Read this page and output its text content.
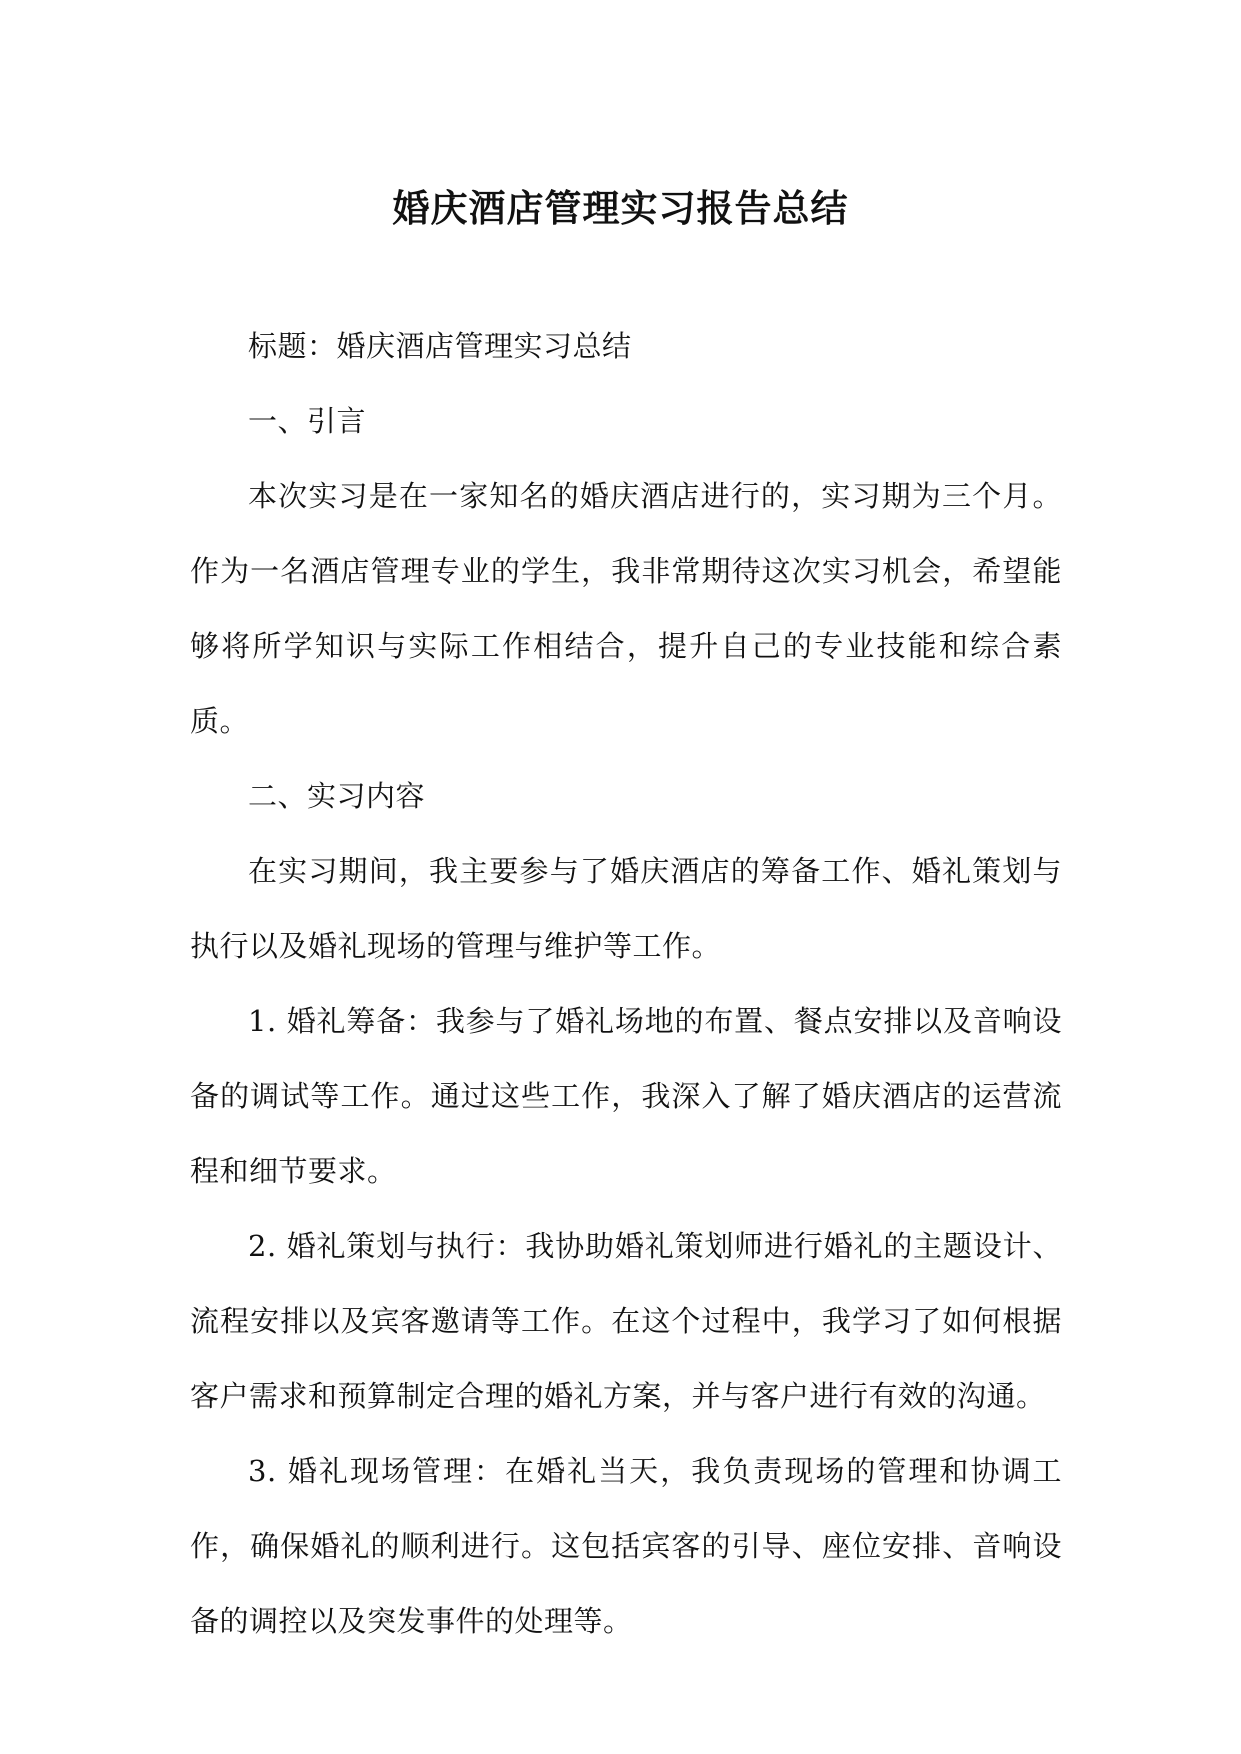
婚庆酒店管理实习报告总结

标题：婚庆酒店管理实习总结

一、引言

本次实习是在一家知名的婚庆酒店进行的，实习期为三个月。作为一名酒店管理专业的学生，我非常期待这次实习机会，希望能够将所学知识与实际工作相结合，提升自己的专业技能和综合素质。

二、实习内容

在实习期间，我主要参与了婚庆酒店的筹备工作、婚礼策划与执行以及婚礼现场的管理与维护等工作。

1. 婚礼筹备：我参与了婚礼场地的布置、餐点安排以及音响设备的调试等工作。通过这些工作，我深入了解了婚庆酒店的运营流程和细节要求。

2. 婚礼策划与执行：我协助婚礼策划师进行婚礼的主题设计、流程安排以及宾客邀请等工作。在这个过程中，我学习了如何根据客户需求和预算制定合理的婚礼方案，并与客户进行有效的沟通。

3. 婚礼现场管理：在婚礼当天，我负责现场的管理和协调工作，确保婚礼的顺利进行。这包括宾客的引导、座位安排、音响设备的调控以及突发事件的处理等。
